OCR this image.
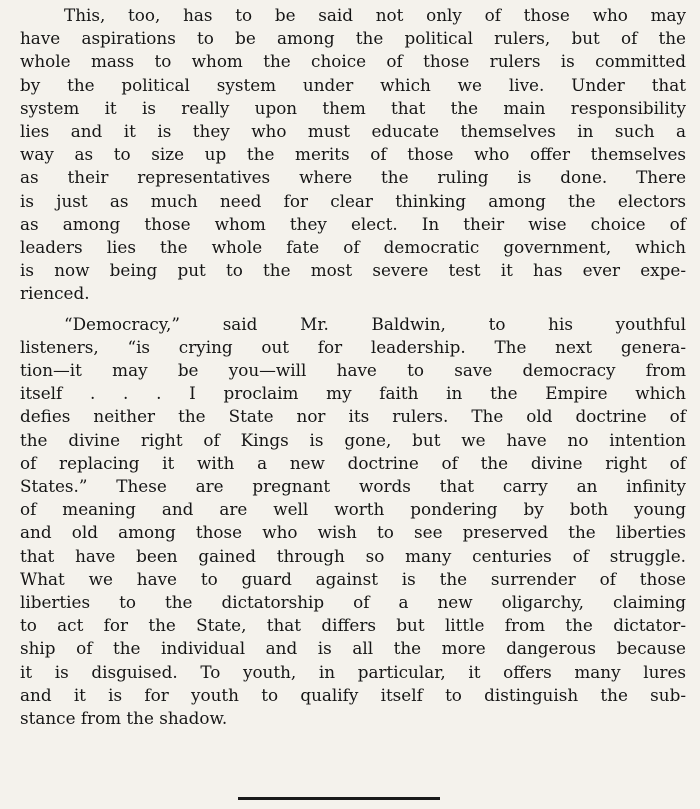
This, too, has to be said not only of those who may
have aspirations to be among the political rulers, but of the
whole mass to whom the choice of those rulers is committed
by the political system under which we live. Under that
system it is really upon them that the main responsibility
lies and it is they who must educate themselves in such a
way as to size up the merits of those who offer themselves
as their representatives where the ruling is done. There
is just as much need for clear thinking among the electors
as among those whom they elect. In their wise choice of
leaders lies the whole fate of democratic government, which
is now being put to the most severe test it has ever expe-
rienced.
“Democracy,” said Mr. Baldwin, to his youthful
listeners, “is crying out for leadership. The next genera-
tion—it may be you—will have to save democracy from
itself . . . I proclaim my faith in the Empire which
defies neither the State nor its rulers. The old doctrine of
the divine right of Kings is gone, but we have no intention
of replacing it with a new doctrine of the divine right of
States.” These are pregnant words that carry an infinity
of meaning and are well worth pondering by both young
and old among those who wish to see preserved the liberties
that have been gained through so many centuries of struggle.
What we have to guard against is the surrender of those
liberties to the dictatorship of a new oligarchy, claiming
to act for the State, that differs but little from the dictator-
ship of the individual and is all the more dangerous because
it is disguised. To youth, in particular, it offers many lures
and it is for youth to qualify itself to distinguish the sub-
stance from the shadow.
